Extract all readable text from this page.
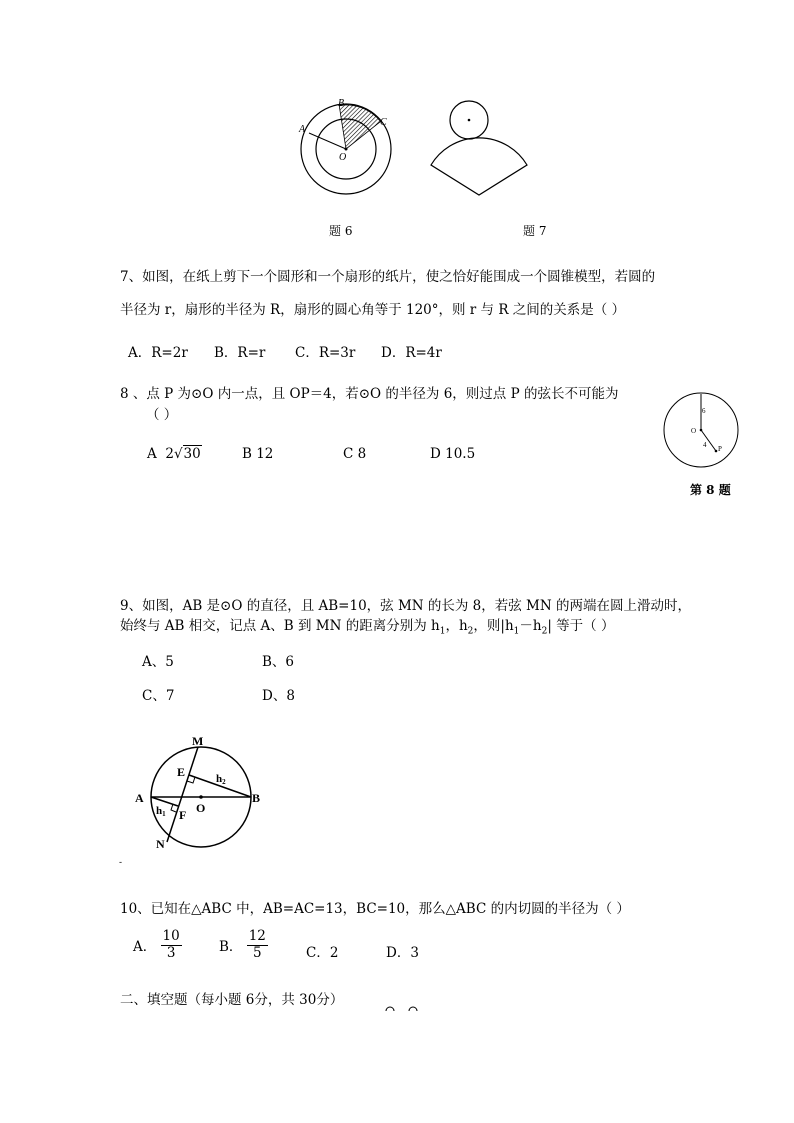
A
B
C
O
题 6	题 7
7、如图，在纸上剪下一个圆形和一个扇形的纸片，使之恰好能围成一个圆锥模型，若圆的
半径为 r，扇形的半径为 R，扇形的圆心角等于 120°，则 r 与 R 之间的关系是（ ）
A．R=2r B．R=r C．R=3r D．R=4r
8 、点 P 为⊙O 内一点，且 OP＝4，若⊙O 的半径为 6，则过点 P 的弦长不可能为
（ ）
A 2√30	B 12	C 8	D 10.5
6
4
O
P
第 8 题
9、如图，AB 是⊙O 的直径，且 AB=10，弦 MN 的长为 8，若弦 MN 的两端在圆上滑动时，
始终与 AB 相交，记点 A、B 到 MN 的距离分别为 $h_1$，$h_2$，则$|h_1-h_2|$ 等于（ ）
A、5	B、6
C、7	D、8
M
E	h2
A
O
B
h1 F
N
-
10、已知在△ABC 中，AB=AC=13，BC=10，那么△ABC 的内切圆的半径为（ ）
A． $\frac{10}{3}$	B． $\frac{12}{5}$	C．2	D．3
二、填空题（每小题 6分，共 30分）
